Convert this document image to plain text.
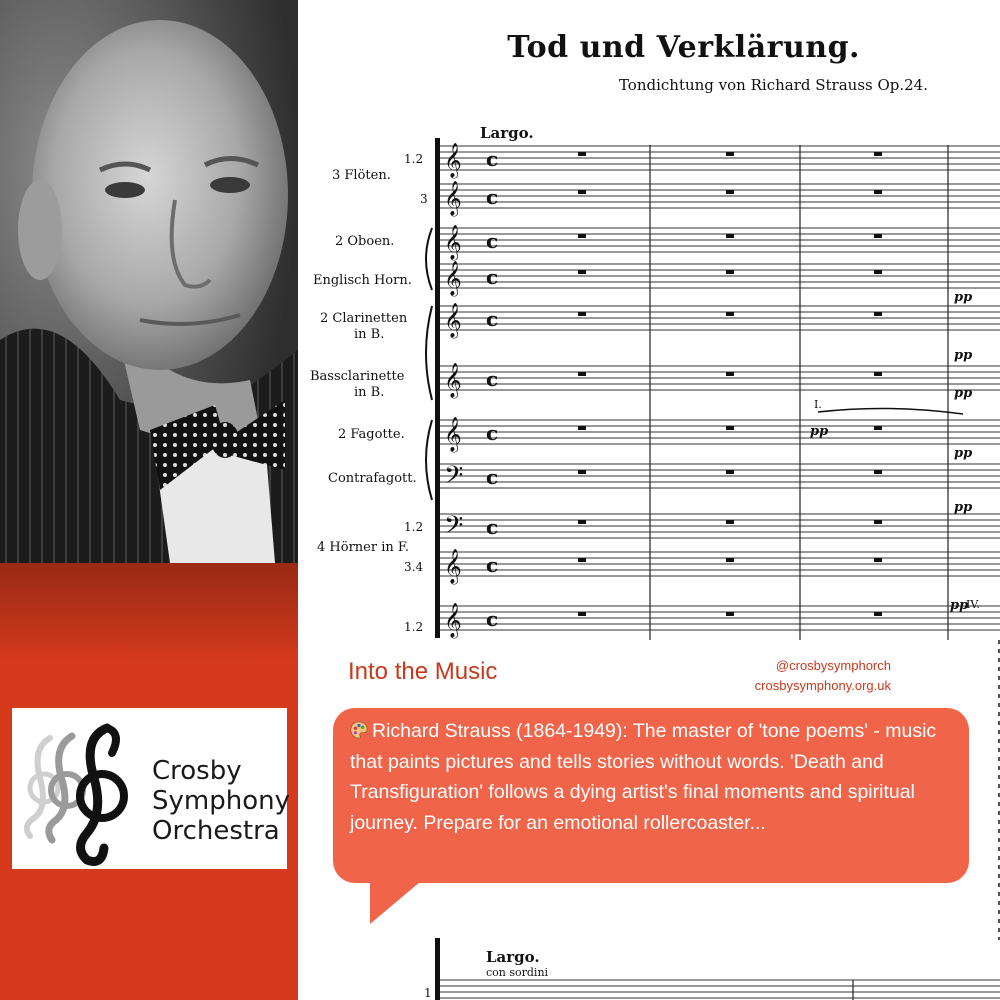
Crosby
Symphony
Orchestra
𝄞 c
𝄞 c
𝄞 c
𝄞 c
𝄞 c
𝄞 c
𝄞 c
𝄢 c
𝄢 c
𝄞 c
𝄞 c
Tod und Verklärung.
Tondichtung von Richard Strauss Op.24.
Largo.
3 Flöten.
2 Oboen.
Englisch Horn.
2 Clarinetten
in B.
Bassclarinette
in B.
2 Fagotte.
Contrafagott.
4 Hörner in F.
1.2
3
1.2
3.4
1.2
pp
pp
pp
pp
pp
pp
pp
IV.
I.
Into the Music	@crosbysymphorch
crosbysymphony.org.uk
Richard Strauss (1864-1949): The master of 'tone poems' - music that paints pictures and tells stories without words. 'Death and Transfiguration' follows a dying artist's final moments and spiritual journey. Prepare for an emotional rollercoaster...
Largo.
con sordini
1
